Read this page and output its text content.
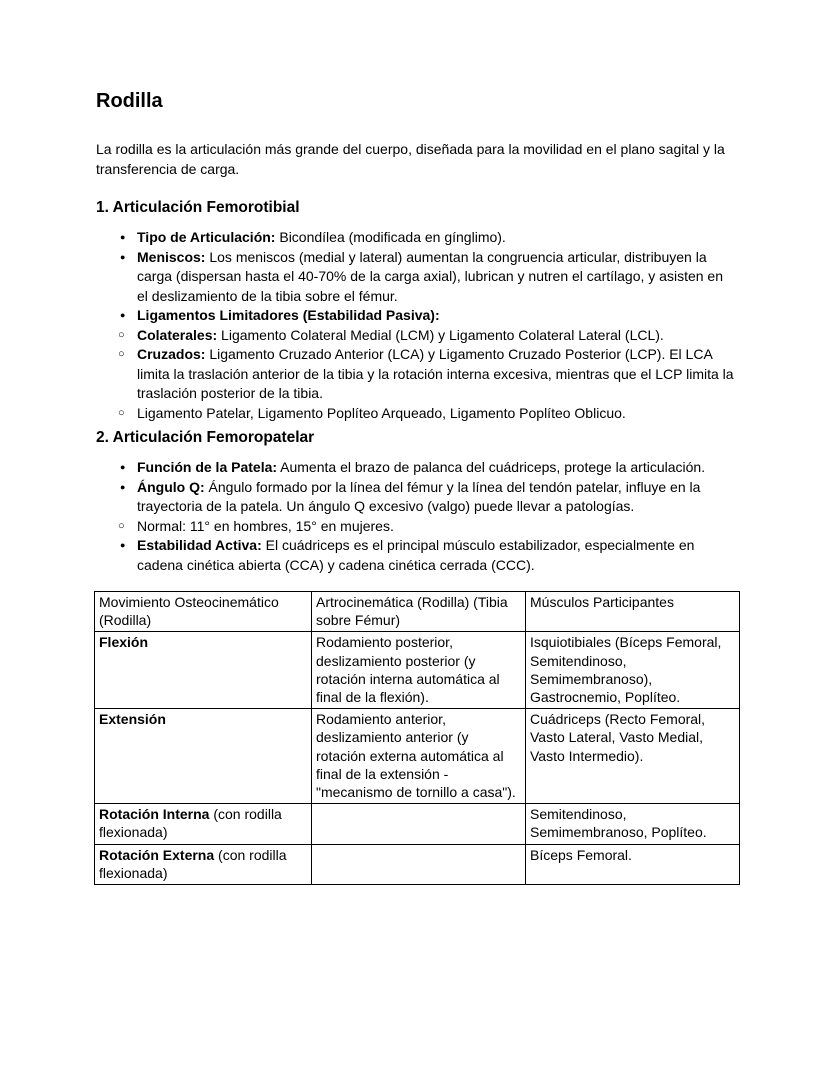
Rodilla

La rodilla es la articulación más grande del cuerpo, diseñada para la movilidad en el plano sagital y la transferencia de carga.

1. Articulación Femorotibial
● Tipo de Articulación: Bicondílea (modificada en gínglimo).
● Meniscos: Los meniscos (medial y lateral) aumentan la congruencia articular, distribuyen la carga (dispersan hasta el 40-70% de la carga axial), lubrican y nutren el cartílago, y asisten en el deslizamiento de la tibia sobre el fémur.
● Ligamentos Limitadores (Estabilidad Pasiva):
○ Colaterales: Ligamento Colateral Medial (LCM) y Ligamento Colateral Lateral (LCL).
○ Cruzados: Ligamento Cruzado Anterior (LCA) y Ligamento Cruzado Posterior (LCP). El LCA limita la traslación anterior de la tibia y la rotación interna excesiva, mientras que el LCP limita la traslación posterior de la tibia.
○ Ligamento Patelar, Ligamento Poplíteo Arqueado, Ligamento Poplíteo Oblicuo.
2. Articulación Femoropatelar
● Función de la Patela: Aumenta el brazo de palanca del cuádriceps, protege la articulación.
● Ángulo Q: Ángulo formado por la línea del fémur y la línea del tendón patelar, influye en la trayectoria de la patela. Un ángulo Q excesivo (valgo) puede llevar a patologías.
○ Normal: 11° en hombres, 15° en mujeres.
● Estabilidad Activa: El cuádriceps es el principal músculo estabilizador, especialmente en cadena cinética abierta (CCA) y cadena cinética cerrada (CCC).
Movimiento Osteocinemático (Rodilla)	Artrocinemática (Rodilla) (Tibia sobre Fémur)	Músculos Participantes
Flexión	Rodamiento posterior, deslizamiento posterior (y rotación interna automática al final de la flexión).	Isquiotibiales (Bíceps Femoral, Semitendinoso, Semimembranoso), Gastrocnemio, Poplíteo.
Extensión	Rodamiento anterior, deslizamiento anterior (y rotación externa automática al final de la extensión - "mecanismo de tornillo a casa").	Cuádriceps (Recto Femoral, Vasto Lateral, Vasto Medial, Vasto Intermedio).
Rotación Interna (con rodilla flexionada)		Semitendinoso, Semimembranoso, Poplíteo.
Rotación Externa (con rodilla flexionada)		Bíceps Femoral.
